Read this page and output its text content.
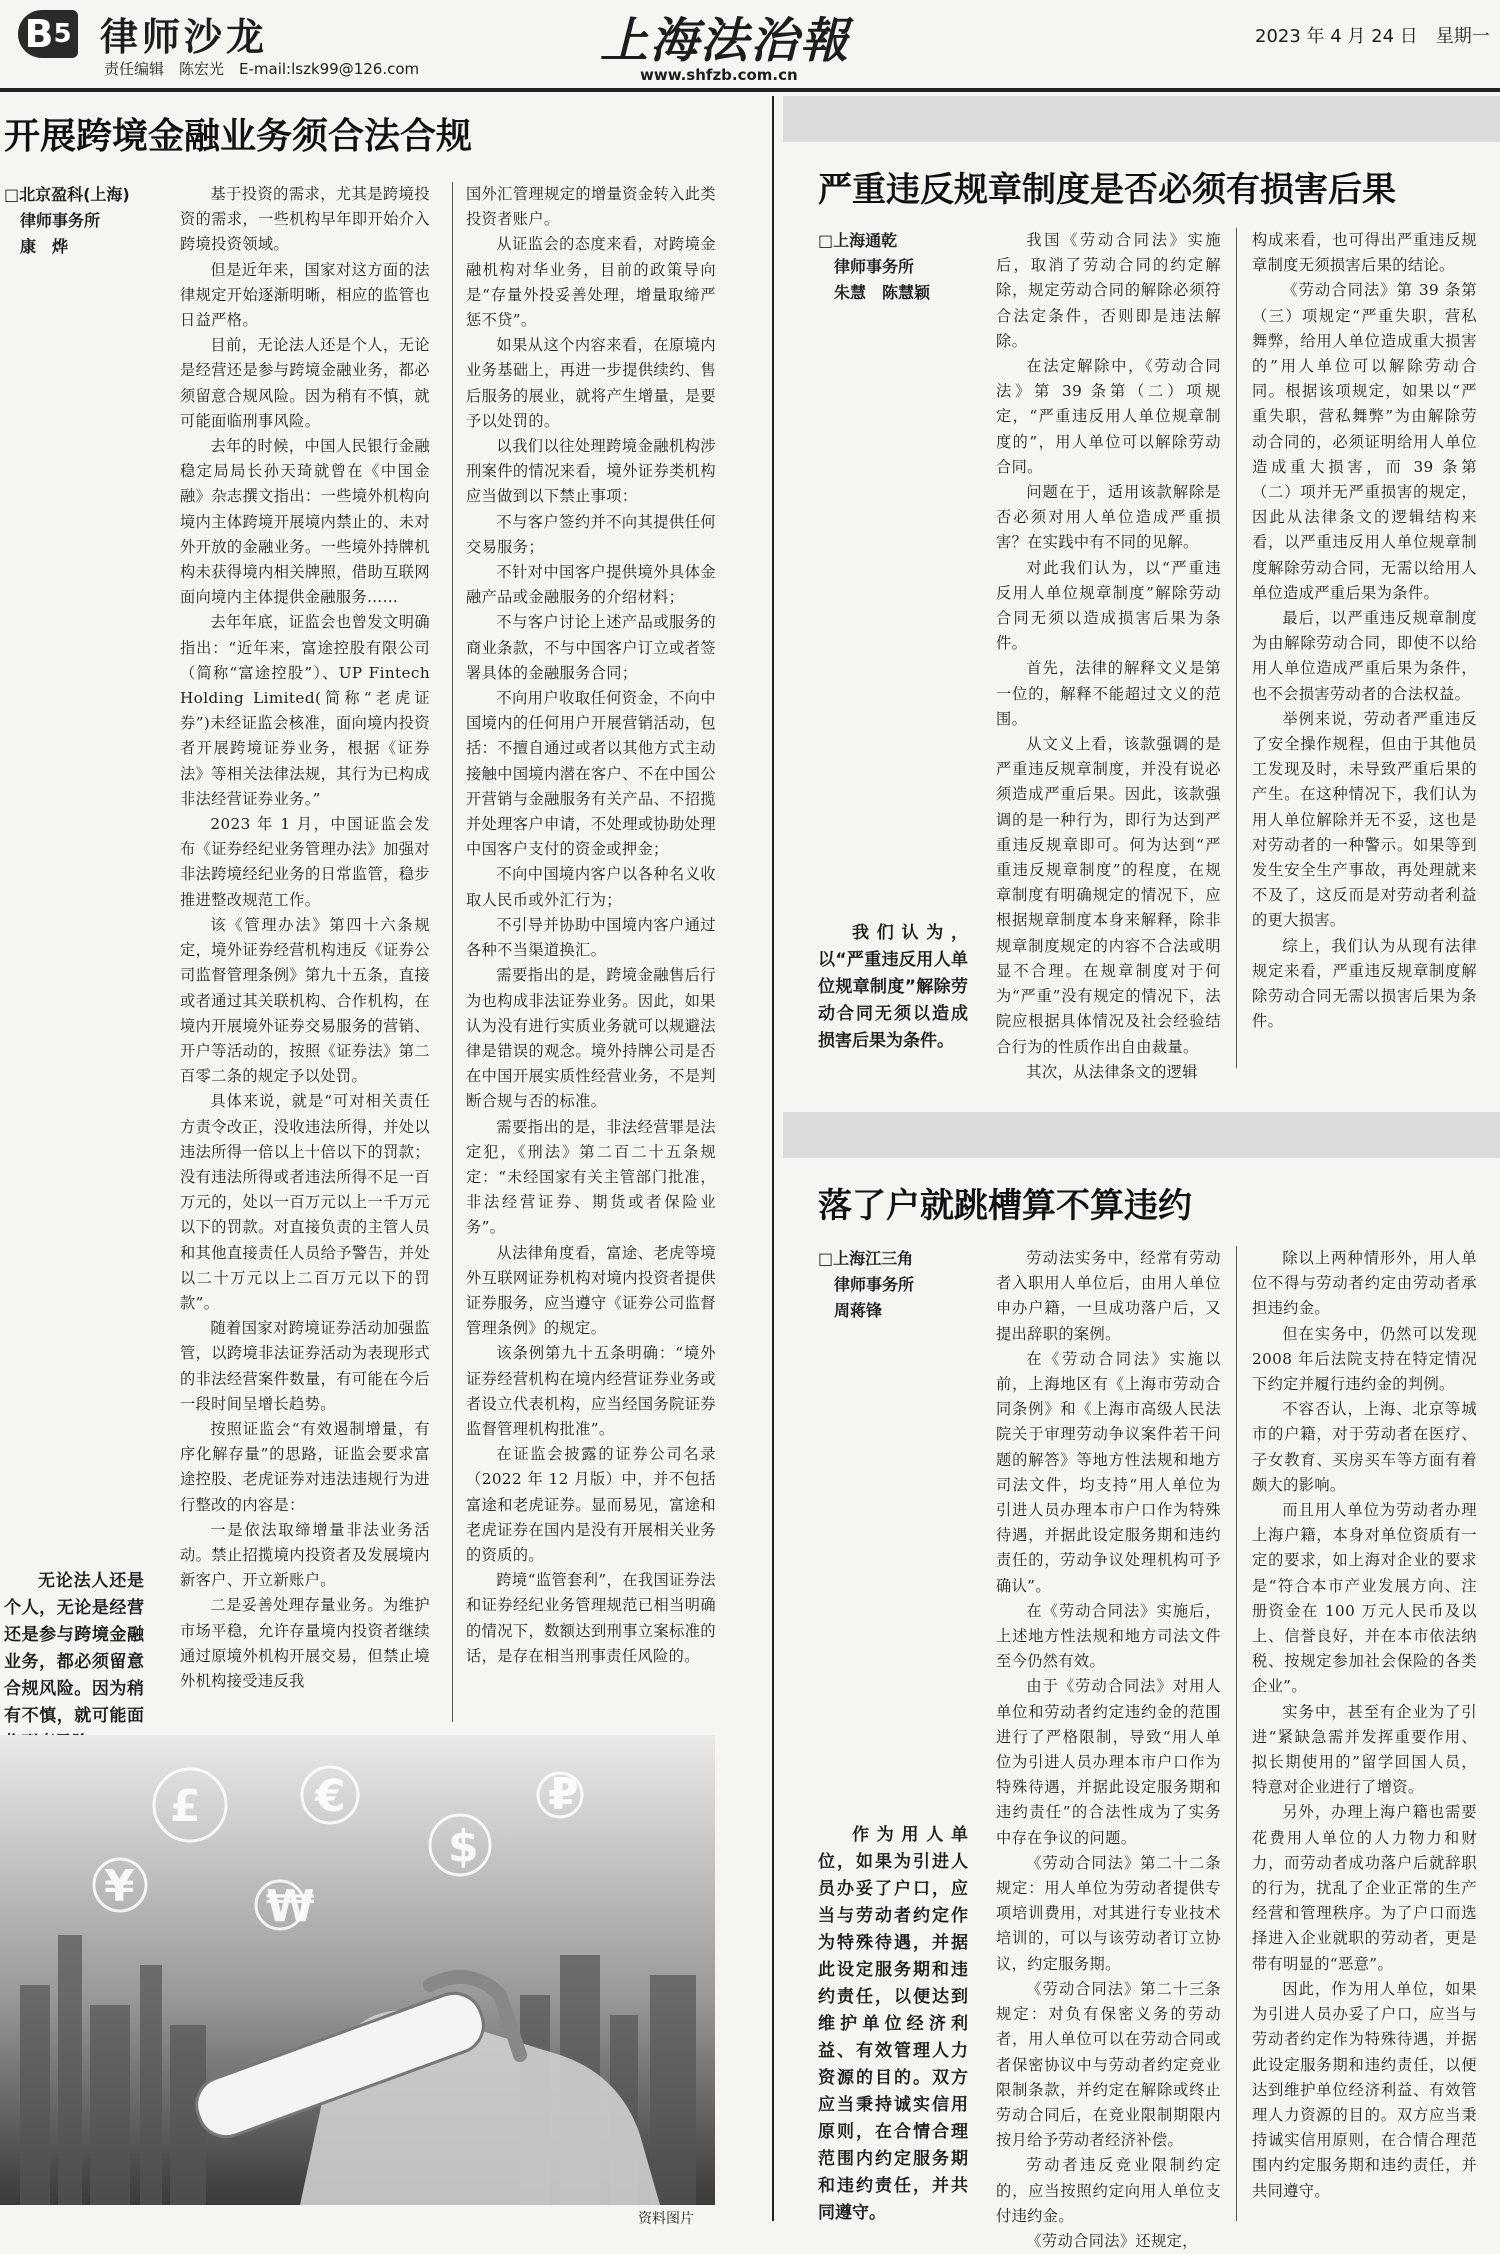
$B^5$ 律师沙龙
责任编辑　陈宏光　E-mail:lszk99@126.com	上海法治報
www.shfzb.com.cn
2023 年 4 月 24 日　星期一
开展跨境金融业务须合法合规
□北京盈科(上海)
律师事务所
康　烨
无论法人还是个人，无论是经营还是参与跨境金融业务，都必须留意合规风险。因为稍有不慎，就可能面

基于投资的需求，尤其是跨境投资的需求，一些机构早年即开始介入跨境投资领域。

但是近年来，国家对这方面的法律规定开始逐渐明晰，相应的监管也日益严格。

目前，无论法人还是个人，无论是经营还是参与跨境金融业务，都必须留意合规风险。因为稍有不慎，就可能面临刑事风险。

去年的时候，中国人民银行金融稳定局局长孙天琦就曾在《中国金融》杂志撰文指出：一些境外机构向境内主体跨境开展境内禁止的、未对外开放的金融业务。一些境外持牌机构未获得境内相关牌照，借助互联网面向境内主体提供金融服务……

去年年底，证监会也曾发文明确指出：“近年来，富途控股有限公司（简称“富途控股”）、UP Fintech Holding Limited(简称“老虎证券”)未经证监会核准，面向境内投资者开展跨境证券业务，根据《证券法》等相关法律法规，其行为已构成非法经营证券业务。”

2023 年 1 月，中国证监会发布《证券经纪业务管理办法》加强对非法跨境经纪业务的日常监管，稳步推进整改规范工作。

该《管理办法》第四十六条规定，境外证券经营机构违反《证券公司监督管理条例》第九十五条，直接或者通过其关联机构、合作机构，在境内开展境外证券交易服务的营销、开户等活动的，按照《证券法》第二百零二条的规定予以处罚。

具体来说，就是“可对相关责任方责令改正，没收违法所得，并处以违法所得一倍以上十倍以下的罚款；没有违法所得或者违法所得不足一百万元的，处以一百万元以上一千万元以下的罚款。对直接负责的主管人员和其他直接责任人员给予警告，并处以二十万元以上二百万元以下的罚款”。

随着国家对跨境证券活动加强监管，以跨境非法证券活动为表现形式的非法经营案件数量，有可能在今后一段时间呈增长趋势。

按照证监会“有效遏制增量，有序化解存量”的思路，证监会要求富途控股、老虎证券对违法违规行为进行整改的内容是：

一是依法取缔增量非法业务活动。禁止招揽境内投资者及发展境内新客户、开立新账户。

二是妥善处理存量业务。为维护市场平稳，允许存量境内投资者继续通过原境外机构开展交易，但禁止境外机构接受违反我

国外汇管理规定的增量资金转入此类投资者账户。

从证监会的态度来看，对跨境金融机构对华业务，目前的政策导向是“存量外投妥善处理，增量取缔严惩不贷”。

如果从这个内容来看，在原境内业务基础上，再进一步提供续约、售后服务的展业，就将产生增量，是要予以处罚的。

以我们以往处理跨境金融机构涉刑案件的情况来看，境外证券类机构应当做到以下禁止事项：

不与客户签约并不向其提供任何交易服务；

不针对中国客户提供境外具体金融产品或金融服务的介绍材料；

不与客户讨论上述产品或服务的商业条款，不与中国客户订立或者签署具体的金融服务合同；

不向用户收取任何资金，不向中国境内的任何用户开展营销活动，包括：不擅自通过或者以其他方式主动接触中国境内潜在客户、不在中国公开营销与金融服务有关产品、不招揽并处理客户申请，不处理或协助处理中国客户支付的资金或押金；

不向中国境内客户以各种名义收取人民币或外汇行为；

不引导并协助中国境内客户通过各种不当渠道换汇。

需要指出的是，跨境金融售后行为也构成非法证券业务。因此，如果认为没有进行实质业务就可以规避法律是错误的观念。境外持牌公司是否在中国开展实质性经营业务，不是判断合规与否的标准。

需要指出的是，非法经营罪是法定犯，《刑法》第二百二十五条规定：“未经国家有关主管部门批准，非法经营证券、期货或者保险业务”。

从法律角度看，富途、老虎等境外互联网证券机构对境内投资者提供证券服务，应当遵守《证券公司监督管理条例》的规定。

该条例第九十五条明确：“境外证券经营机构在境内经营证券业务或者设立代表机构，应当经国务院证券监督管理机构批准”。

在证监会披露的证券公司名录（2022 年 12 月版）中，并不包括富途和老虎证券。显而易见，富途和老虎证券在国内是没有开展相关业务的资质的。

跨境“监管套利”，在我国证券法和证券经纪业务管理规范已相当明确的情况下，数额达到刑事立案标准的话，是存在相当刑事责任风险的。

£	€
$
¥
₽
₩
资料图片
严重违反规章制度是否必须有损害后果
□上海通乾
律师事务所
朱慧　陈慧颖
我们认为，以“严重违反用人单位规章制度”解除劳动合同无须以造成损害后果为条件。

我国《劳动合同法》实施后，取消了劳动合同的约定解除，规定劳动合同的解除必须符合法定条件，否则即是违法解除。

在法定解除中，《劳动合同法》第 39 条第（二）项规定，“严重违反用人单位规章制度的”，用人单位可以解除劳动合同。

问题在于，适用该款解除是否必须对用人单位造成严重损害？在实践中有不同的见解。

对此我们认为，以“严重违反用人单位规章制度”解除劳动合同无须以造成损害后果为条件。

首先，法律的解释文义是第一位的，解释不能超过文义的范围。

从文义上看，该款强调的是严重违反规章制度，并没有说必须造成严重后果。因此，该款强调的是一种行为，即行为达到严重违反规章即可。何为达到“严重违反规章制度”的程度，在规章制度有明确规定的情况下，应根据规章制度本身来解释，除非规章制度规定的内容不合法或明显不合理。在规章制度对于何为“严重”没有规定的情况下，法院应根据具体情况及社会经验结合行为的性质作出自由裁量。

其次，从法律条文的逻辑

构成来看，也可得出严重违反规章制度无须损害后果的结论。

《劳动合同法》第 39 条第（三）项规定“严重失职，营私舞弊，给用人单位造成重大损害的”用人单位可以解除劳动合同。根据该项规定，如果以“严重失职，营私舞弊”为由解除劳动合同的，必须证明给用人单位造成重大损害，而 39 条第（二）项并无严重损害的规定，因此从法律条文的逻辑结构来看，以严重违反用人单位规章制度解除劳动合同，无需以给用人单位造成严重后果为条件。

最后，以严重违反规章制度为由解除劳动合同，即使不以给用人单位造成严重后果为条件，也不会损害劳动者的合法权益。

举例来说，劳动者严重违反了安全操作规程，但由于其他员工发现及时，未导致严重后果的产生。在这种情况下，我们认为用人单位解除并无不妥，这也是对劳动者的一种警示。如果等到发生安全生产事故，再处理就来不及了，这反而是对劳动者利益的更大损害。

综上，我们认为从现有法律规定来看，严重违反规章制度解除劳动合同无需以损害后果为条件。

落了户就跳槽算不算违约
□上海江三角
律师事务所
周蒋锋
作为用人单位，如果为引进人员办妥了户口，应当与劳动者约定作为特殊待遇，并据此设定服务期和违约责任，以便达到维护单位经济利益、有效管理人力资源的目的。双方应当秉持诚实信用原则，在合情合理范围内约定服务期和违约责任，并共同遵守。

劳动法实务中，经常有劳动者入职用人单位后，由用人单位申办户籍，一旦成功落户后，又提出辞职的案例。

在《劳动合同法》实施以前，上海地区有《上海市劳动合同条例》和《上海市高级人民法院关于审理劳动争议案件若干问题的解答》等地方性法规和地方司法文件，均支持“用人单位为引进人员办理本市户口作为特殊待遇，并据此设定服务期和违约责任的，劳动争议处理机构可予确认”。

在《劳动合同法》实施后，上述地方性法规和地方司法文件至今仍然有效。

由于《劳动合同法》对用人单位和劳动者约定违约金的范围进行了严格限制，导致“用人单位为引进人员办理本市户口作为特殊待遇，并据此设定服务期和违约责任”的合法性成为了实务中存在争议的问题。

《劳动合同法》第二十二条规定：用人单位为劳动者提供专项培训费用，对其进行专业技术培训的，可以与该劳动者订立协议，约定服务期。

《劳动合同法》第二十三条规定：对负有保密义务的劳动者，用人单位可以在劳动合同或者保密协议中与劳动者约定竞业限制条款，并约定在解除或终止劳动合同后，在竞业限制期限内按月给予劳动者经济补偿。

劳动者违反竞业限制约定的，应当按照约定向用人单位支付违约金。

《劳动合同法》还规定，

除以上两种情形外，用人单位不得与劳动者约定由劳动者承担违约金。

但在实务中，仍然可以发现 2008 年后法院支持在特定情况下约定并履行违约金的判例。

不容否认，上海、北京等城市的户籍，对于劳动者在医疗、子女教育、买房买车等方面有着颇大的影响。

而且用人单位为劳动者办理上海户籍，本身对单位资质有一定的要求，如上海对企业的要求是“符合本市产业发展方向、注册资金在 100 万元人民币及以上、信誉良好，并在本市依法纳税、按规定参加社会保险的各类企业”。

实务中，甚至有企业为了引进“紧缺急需并发挥重要作用、拟长期使用的”留学回国人员，特意对企业进行了增资。

另外，办理上海户籍也需要花费用人单位的人力物力和财力，而劳动者成功落户后就辞职的行为，扰乱了企业正常的生产经营和管理秩序。为了户口而选择进入企业就职的劳动者，更是带有明显的“恶意”。

因此，作为用人单位，如果为引进人员办妥了户口，应当与劳动者约定作为特殊待遇，并据此设定服务期和违约责任，以便达到维护单位经济利益、有效管理人力资源的目的。双方应当秉持诚实信用原则，在合情合理范围内约定服务期和违约责任，并共同遵守。
